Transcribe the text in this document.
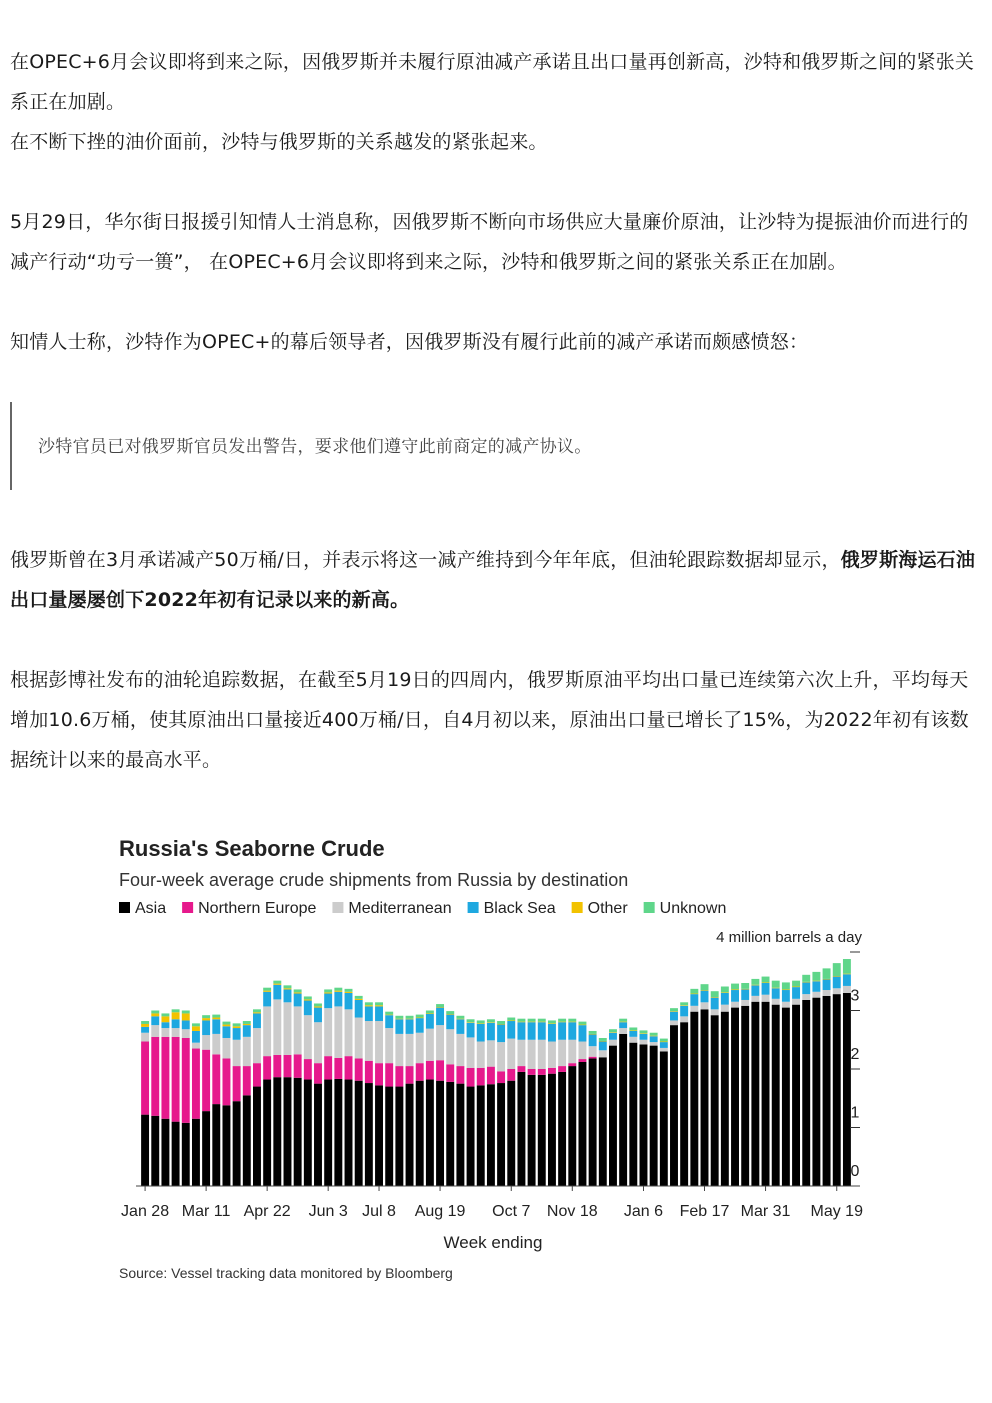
在OPEC+6月会议即将到来之际，因俄罗斯并未履行原油减产承诺且出口量再创新高，沙特和俄罗斯之间的紧张关系正在加剧。

在不断下挫的油价面前，沙特与俄罗斯的关系越发的紧张起来。

5月29日，华尔街日报援引知情人士消息称，因俄罗斯不断向市场供应大量廉价原油，让沙特为提振油价而进行的减产行动“功亏一篑”， 在OPEC+6月会议即将到来之际，沙特和俄罗斯之间的紧张关系正在加剧。

知情人士称，沙特作为OPEC+的幕后领导者，因俄罗斯没有履行此前的减产承诺而颇感愤怒：

沙特官员已对俄罗斯官员发出警告，要求他们遵守此前商定的减产协议。

俄罗斯曾在3月承诺减产50万桶/日，并表示将这一减产维持到今年年底，但油轮跟踪数据却显示，俄罗斯海运石油出口量屡屡创下2022年初有记录以来的新高。

根据彭博社发布的油轮追踪数据，在截至5月19日的四周内，俄罗斯原油平均出口量已连续第六次上升，平均每天增加10.6万桶，使其原油出口量接近400万桶/日，自4月初以来，原油出口量已增长了15%，为2022年初有该数据统计以来的最高水平。

Russia's Seaborne Crude
Four-week average crude shipments from Russia by destination
Asia Northern Europe Mediterranean Black Sea Other Unknown
4 million barrels a day
0
1
2
3
Jan 28 Mar 11 Apr 22 Jun 3 Jul 8 Aug 19 Oct 7 Nov 18 Jan 6 Feb 17 Mar 31 May 19
Week ending
Source: Vessel tracking data monitored by Bloomberg
